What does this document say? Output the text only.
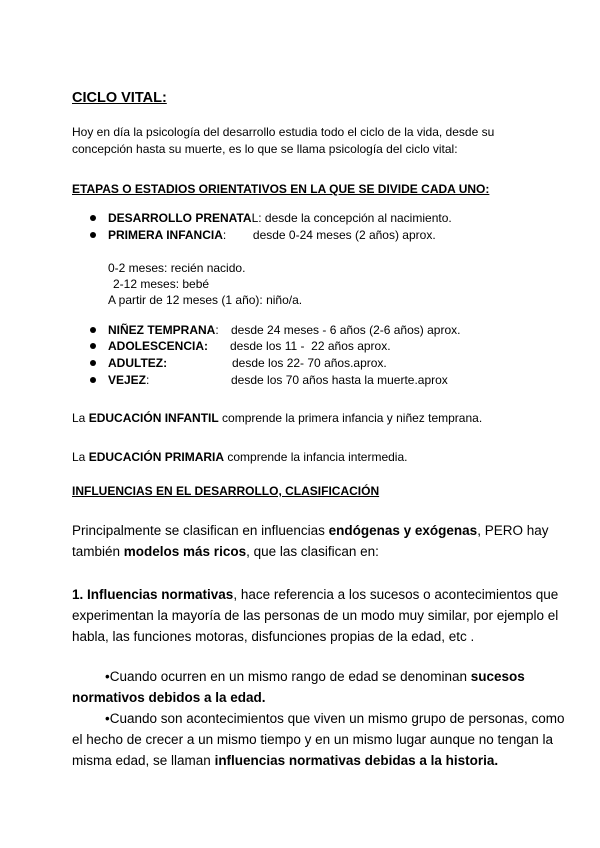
CICLO VITAL:
Hoy en día la psicología del desarrollo estudia todo el ciclo de la vida, desde su
concepción hasta su muerte, es lo que se llama psicología del ciclo vital:
ETAPAS O ESTADIOS ORIENTATIVOS EN LA QUE SE DIVIDE CADA UNO:
DESARROLLO PRENATAL: desde la concepción al nacimiento.
PRIMERA INFANCIA:        desde 0-24 meses (2 años) aprox.
0-2 meses: recién nacido.
2-12 meses: bebé
A partir de 12 meses (1 año): niño/a.
NIÑEZ TEMPRANA: desde 24 meses - 6 años (2-6 años) aprox.
ADOLESCENCIA: desde los 11 -  22 años aprox.
ADULTEZ:	desde los 22- 70 años.aprox.
VEJEZ:	desde los 70 años hasta la muerte.aprox
La EDUCACIÓN INFANTIL comprende la primera infancia y niñez temprana.
La EDUCACIÓN PRIMARIA comprende la infancia intermedia.
INFLUENCIAS EN EL DESARROLLO, CLASIFICACIÓN
Principalmente se clasifican en influencias endógenas y exógenas, PERO hay
también modelos más ricos, que las clasifican en:
1. Influencias normativas, hace referencia a los sucesos o acontecimientos que
experimentan la mayoría de las personas de un modo muy similar, por ejemplo el
habla, las funciones motoras, disfunciones propias de la edad, etc .
•Cuando ocurren en un mismo rango de edad se denominan sucesos
normativos debidos a la edad.
•Cuando son acontecimientos que viven un mismo grupo de personas, como
el hecho de crecer a un mismo tiempo y en un mismo lugar aunque no tengan la
misma edad, se llaman influencias normativas debidas a la historia.
